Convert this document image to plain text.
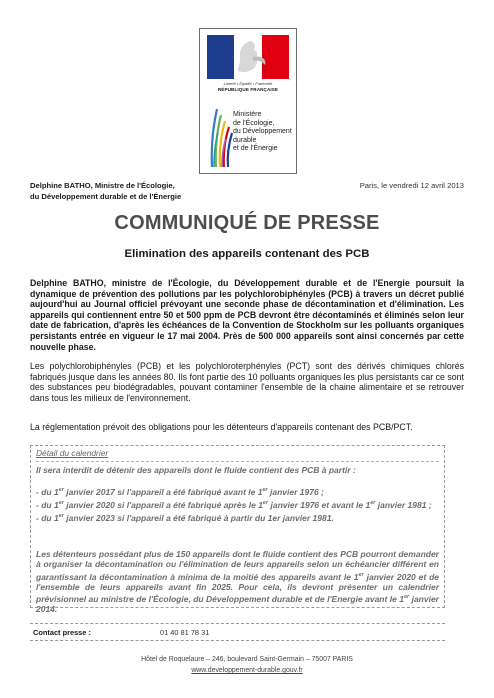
Liberté • Égalité • Fraternité
RÉPUBLIQUE FRANÇAISE
Ministère
de l'Écologie,
du Développement
durable
et de l'Énergie
Delphine BATHO, Ministre de l'Écologie,
du Développement durable et de l'Énergie
Paris, le vendredi 12 avril 2013
COMMUNIQUÉ DE PRESSE
Elimination des appareils contenant des PCB
Delphine BATHO, ministre de l'Écologie, du Développement durable et de l'Energie poursuit la dynamique de prévention des pollutions par les polychlorobiphényles (PCB) à travers un décret publié aujourd'hui au Journal officiel prévoyant une seconde phase de décontamination et d'élimination. Les appareils qui contiennent entre 50 et 500 ppm de PCB devront être décontaminés et éliminés selon leur date de fabrication, d'après les échéances de la Convention de Stockholm sur les polluants organiques persistants entrée en vigueur le 17 mai 2004. Près de 500 000 appareils sont ainsi concernés par cette nouvelle phase.
Les polychlorobiphényles (PCB) et les polychloroterphényles (PCT) sont des dérivés chimiques chlorés fabriqués jusque dans les années 80. Ils font partie des 10 polluants organiques les plus persistants car ce sont des substances peu biodégradables, pouvant contaminer l'ensemble de la chaine alimentaire et se retrouver dans tous les milieux de l'environnement.
La réglementation prévoit des obligations pour les détenteurs d'appareils contenant des PCB/PCT.
Détail du calendrier
Il sera interdit de détenir des appareils dont le fluide contient des PCB à partir :
- du 1er janvier 2017 si l'appareil a été fabriqué avant le 1er janvier 1976 ;
- du 1er janvier 2020 si l'appareil a été fabriqué après le 1er janvier 1976 et avant le 1er janvier 1981 ;
- du 1er janvier 2023 si l'appareil a été fabriqué à partir du 1er janvier 1981.
Les détenteurs possédant plus de 150 appareils dont le fluide contient des PCB pourront demander à organiser la décontamination ou l'élimination de leurs appareils selon un échéancier différent en garantissant la décontamination à minima de la moitié des appareils avant le 1er janvier 2020 et de l'ensemble de leurs appareils avant fin 2025. Pour cela, ils devront présenter un calendrier prévisionnel au ministre de l'Écologie, du Développement durable et de l'Energie avant le 1er janvier 2014.
Contact presse :	01 40 81 78 31
Hôtel de Roquelaure – 246, boulevard Saint-Germain – 75007 PARIS
www.developpement-durable.gouv.fr
